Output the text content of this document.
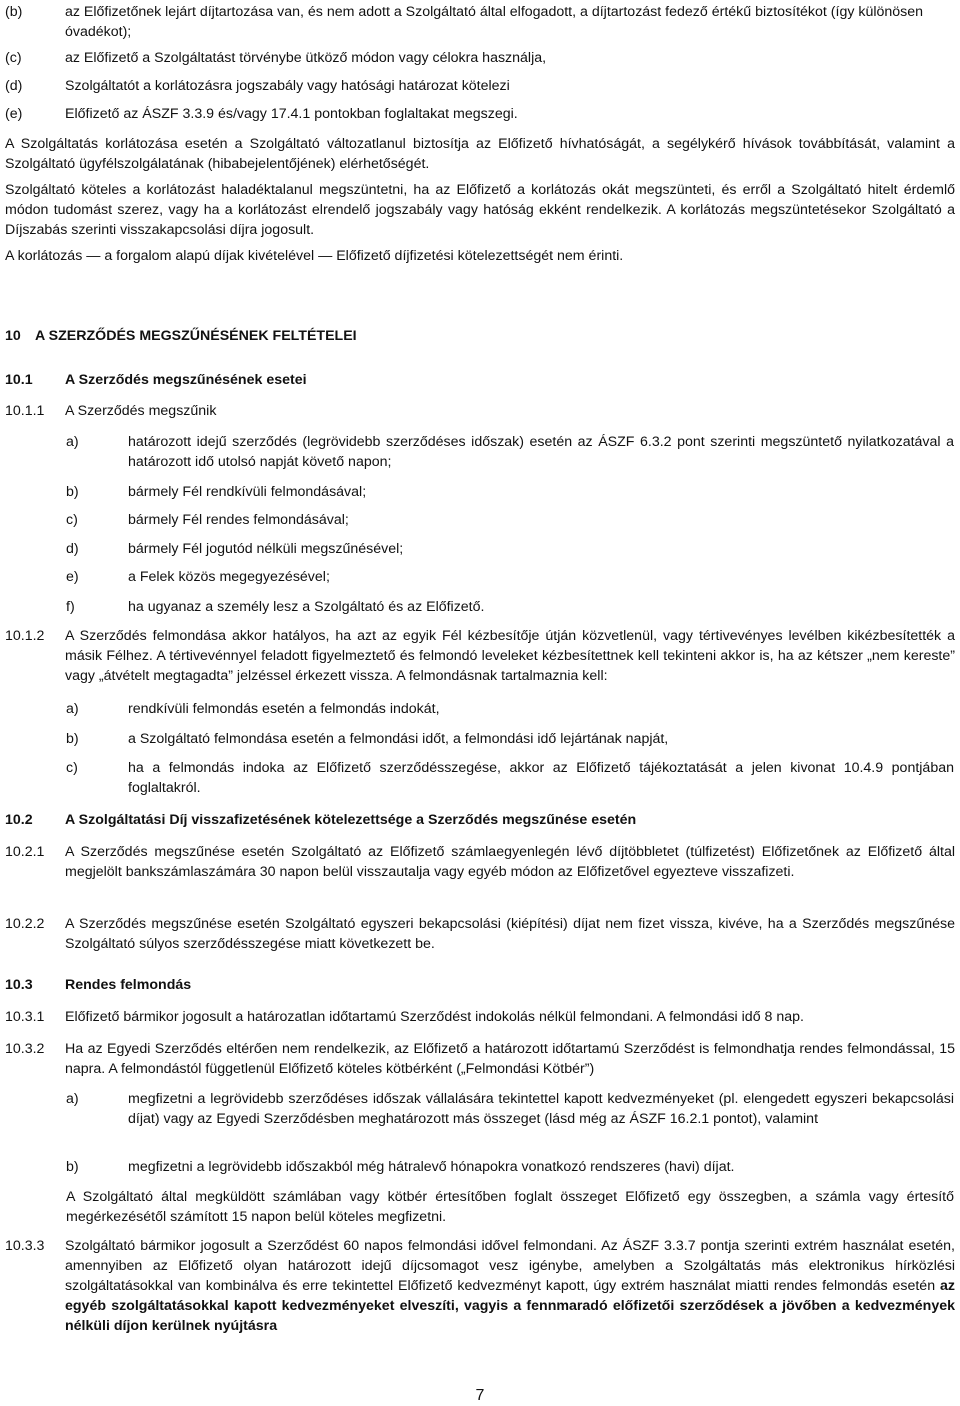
(b)	az Előfizetőnek lejárt díjtartozása van, és nem adott a Szolgáltató által elfogadott, a díjtartozást fedező értékű biztosítékot (így különösen óvadékot);
(c)	az Előfizető a Szolgáltatást törvénybe ütköző módon vagy célokra használja,
(d)	Szolgáltatót a korlátozásra jogszabály vagy hatósági határozat kötelezi
(e)	Előfizető az ÁSZF 3.3.9 és/vagy 17.4.1 pontokban foglaltakat megszegi.
A Szolgáltatás korlátozása esetén a Szolgáltató változatlanul biztosítja az Előfizető hívhatóságát, a segélykérő hívások továbbítását, valamint a Szolgáltató ügyfélszolgálatának (hibabejelentőjének) elérhetőségét.
Szolgáltató köteles a korlátozást haladéktalanul megszüntetni, ha az Előfizető a korlátozás okát megszünteti, és erről a Szolgáltató hitelt érdemlő módon tudomást szerez, vagy ha a korlátozást elrendelő jogszabály vagy hatóság ekként rendelkezik. A korlátozás megszüntetésekor Szolgáltató a Díjszabás szerinti visszakapcsolási díjra jogosult.
A korlátozás — a forgalom alapú díjak kivételével — Előfizető díjfizetési kötelezettségét nem érinti.
10	A SZERZŐDÉS MEGSZŰNÉSÉNEK FELTÉTELEI
10.1	A Szerződés megszűnésének esetei
10.1.1	A Szerződés megszűnik
a)	határozott idejű szerződés (legrövidebb szerződéses időszak) esetén az ÁSZF 6.3.2 pont szerinti megszüntető nyilatkozatával a határozott idő utolsó napját követő napon;
b)	bármely Fél rendkívüli felmondásával;
c)	bármely Fél rendes felmondásával;
d)	bármely Fél jogutód nélküli megszűnésével;
e)	a Felek közös megegyezésével;
f)	ha ugyanaz a személy lesz a Szolgáltató és az Előfizető.
10.1.2	A Szerződés felmondása akkor hatályos, ha azt az egyik Fél kézbesítője útján közvetlenül, vagy tértivevényes levélben kikézbesítették a másik Félhez. A tértivevénnyel feladott figyelmeztető és felmondó leveleket kézbesítettnek kell tekinteni akkor is, ha az kétszer „nem kereste” vagy „átvételt megtagadta” jelzéssel érkezett vissza. A felmondásnak tartalmaznia kell:
a)	rendkívüli felmondás esetén a felmondás indokát,
b)	a Szolgáltató felmondása esetén a felmondási időt, a felmondási idő lejártának napját,
c)	ha a felmondás indoka az Előfizető szerződésszegése, akkor az Előfizető tájékoztatását a jelen kivonat 10.4.9 pontjában foglaltakról.
10.2	A Szolgáltatási Díj visszafizetésének kötelezettsége a Szerződés megszűnése esetén
10.2.1	A Szerződés megszűnése esetén Szolgáltató az Előfizető számlaegyenlegén lévő díjtöbbletet (túlfizetést) Előfizetőnek az Előfizető által megjelölt bankszámlaszámára 30 napon belül visszautalja vagy egyéb módon az Előfizetővel egyezteve visszafizeti.
10.2.2	A Szerződés megszűnése esetén Szolgáltató egyszeri bekapcsolási (kiépítési) díjat nem fizet vissza, kivéve, ha a Szerződés megszűnése Szolgáltató súlyos szerződésszegése miatt következett be.
10.3	Rendes felmondás
10.3.1	Előfizető bármikor jogosult a határozatlan időtartamú Szerződést indokolás nélkül felmondani. A felmondási idő 8 nap.
10.3.2	Ha az Egyedi Szerződés eltérően nem rendelkezik, az Előfizető a határozott időtartamú Szerződést is felmondhatja rendes felmondással, 15 napra. A felmondástól függetlenül Előfizető köteles kötbérként („Felmondási Kötbér”)
a)	megfizetni a legrövidebb szerződéses időszak vállalására tekintettel kapott kedvezményeket (pl. elengedett egyszeri bekapcsolási díjat) vagy az Egyedi Szerződésben meghatározott más összeget (lásd még az ÁSZF 16.2.1 pontot), valamint
b)	megfizetni a legrövidebb időszakból még hátralevő hónapokra vonatkozó rendszeres (havi) díjat.
A Szolgáltató által megküldött számlában vagy kötbér értesítőben foglalt összeget Előfizető egy összegben, a számla vagy értesítő megérkezésétől számított 15 napon belül köteles megfizetni.
10.3.3	Szolgáltató bármikor jogosult a Szerződést 60 napos felmondási idővel felmondani. Az ÁSZF 3.3.7 pontja szerinti extrém használat esetén, amennyiben az Előfizető olyan határozott idejű díjcsomagot vesz igénybe, amelyben a Szolgáltatás más elektronikus hírközlési szolgáltatásokkal van kombinálva és erre tekintettel Előfizető kedvezményt kapott, úgy extrém használat miatti rendes felmondás esetén az egyéb szolgáltatásokkal kapott kedvezményeket elveszíti, vagyis a fennmaradó előfizetői szerződések a jövőben a kedvezmények nélküli díjon kerülnek nyújtásra
7
